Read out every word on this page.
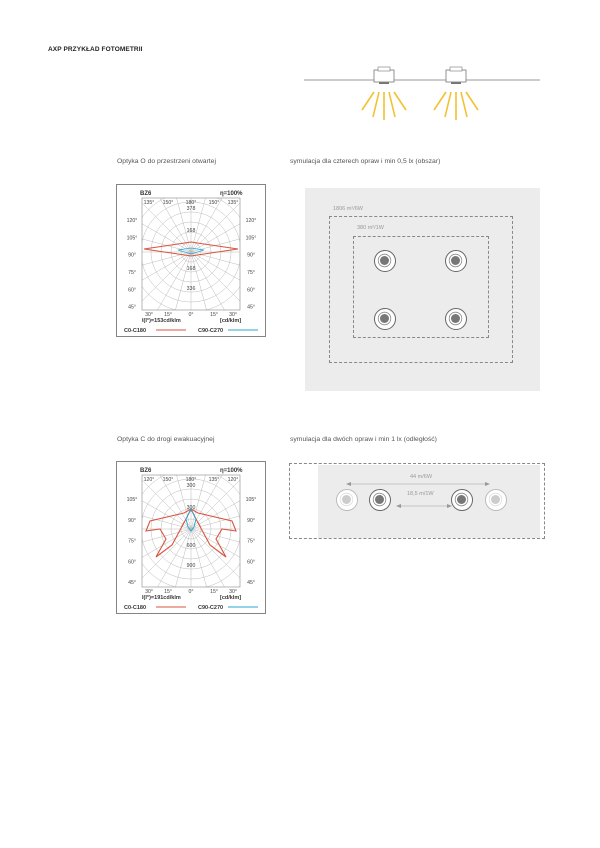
AXP PRZYKŁAD FOTOMETRII
Optyka O do przestrzeni otwartej	symulacja dla czterech opraw i min 0,5 lx (obszar)
BZ6	η=100%
135° 150° 180° 150° 135°
120°
105°
90°
75°
60°
45°
120°
105°
90°
75°
60°
45°
30° 15°	0°	15° 30°
378
168
168
336
I(I°)=153cd/klm	[cd/klm]
C0-C180	C90-C270
1806 m²/6W
380 m²/1W
Optyka C do drogi ewakuacyjnej	symulacja dla dwóch opraw i min 1 lx (odległość)
BZ6	η=100%
120° 150° 180° 135° 120°
105°
90°
75°
60°
45°
105°
90°
75°
60°
45°
30° 15°	0°	15° 30°
300
300
600
900
I(I°)=191cd/klm	[cd/klm]
C0-C180	C90-C270
44 m/6W
18,5 m/1W
